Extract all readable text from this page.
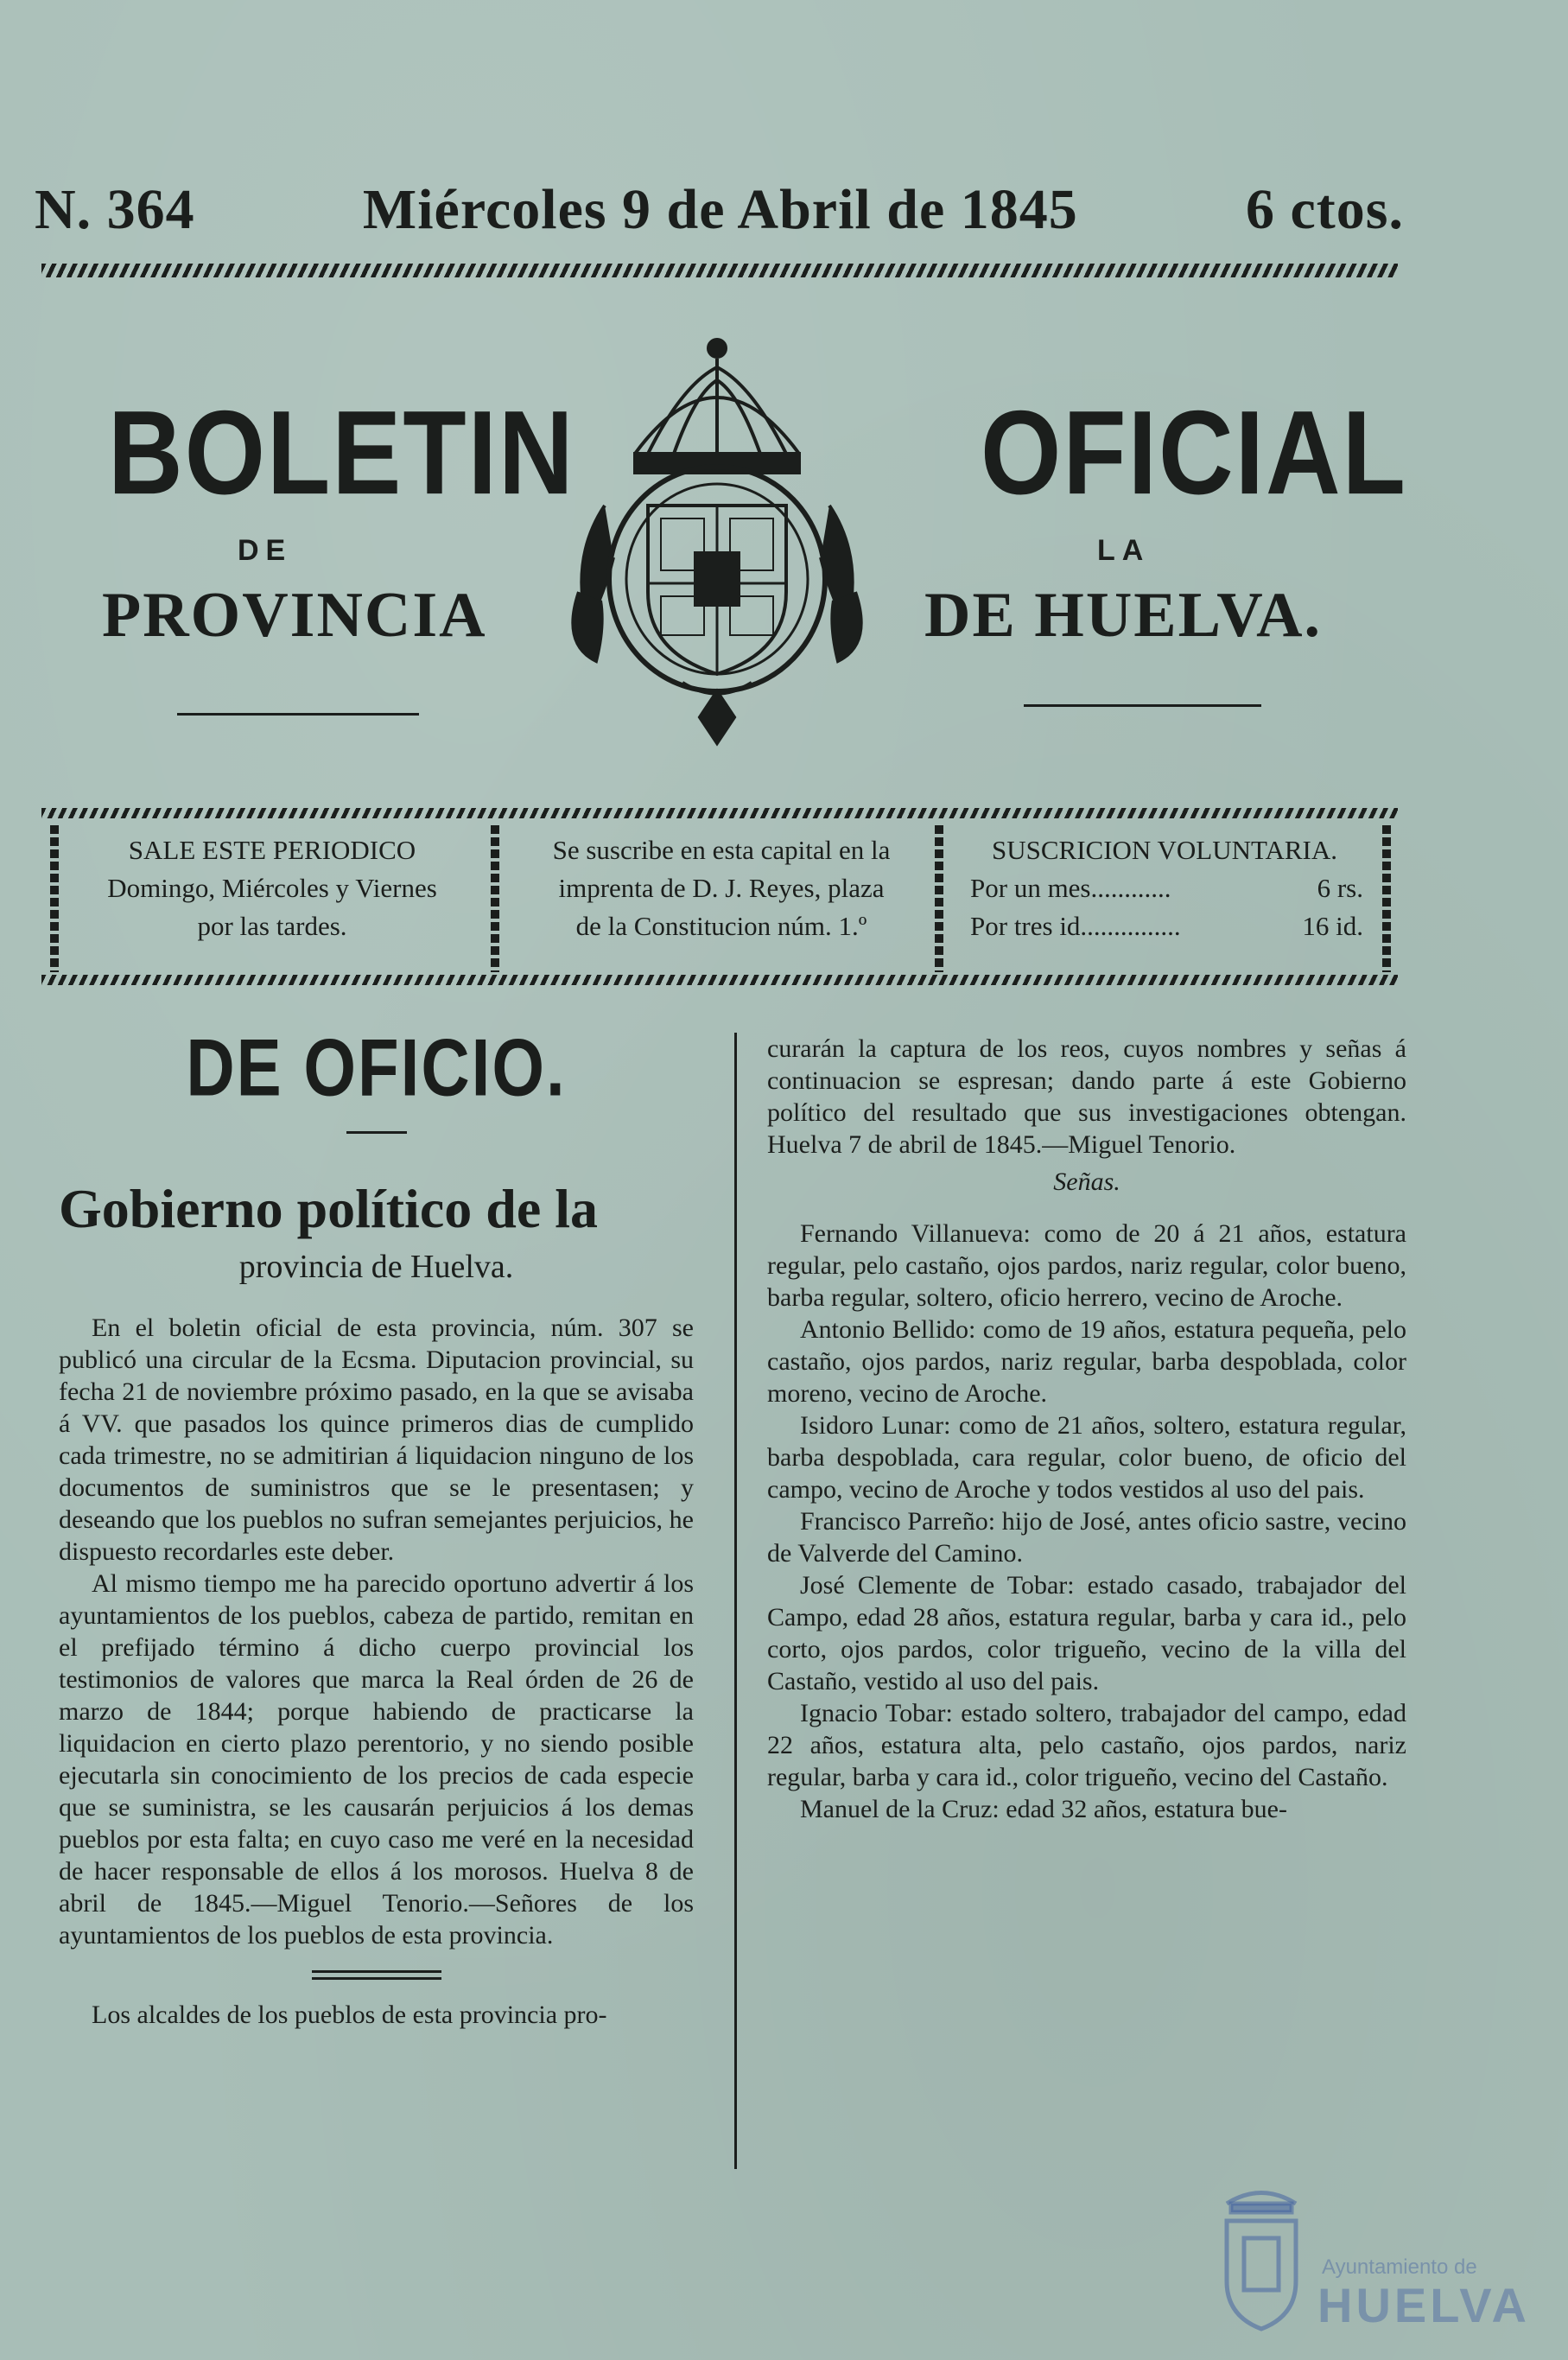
N. 364	Miércoles 9 de Abril de 1845	6 ctos.
BOLETIN	OFICIAL
DE	LA
PROVINCIA	DE HUELVA.
SALE ESTE PERIODICO
Domingo, Miércoles y Viernes
por las tardes.
Se suscribe en esta capital en la
imprenta de D. J. Reyes, plaza
de la Constitucion núm. 1.º
SUSCRICION VOLUNTARIA.
Por un mes............	6 rs.
Por tres id...............	16 id.
DE OFICIO.
Gobierno político de la
provincia de Huelva.

En el boletin oficial de esta provincia, núm. 307 se publicó una circular de la Ecsma. Diputacion provincial, su fecha 21 de noviembre próximo pasado, en la que se avisaba á VV. que pasados los quince primeros dias de cumplido cada trimestre, no se admitirian á liquidacion ninguno de los documentos de suministros que se le presentasen; y deseando que los pueblos no sufran semejantes perjuicios, he dispuesto recordarles este deber.

Al mismo tiempo me ha parecido oportuno advertir á los ayuntamientos de los pueblos, cabeza de partido, remitan en el prefijado término á dicho cuerpo provincial los testimonios de valores que marca la Real órden de 26 de marzo de 1844; porque habiendo de practicarse la liquidacion en cierto plazo perentorio, y no siendo posible ejecutarla sin conocimiento de los precios de cada especie que se suministra, se les causarán perjuicios á los demas pueblos por esta falta; en cuyo caso me veré en la necesidad de hacer responsable de ellos á los morosos. Huelva 8 de abril de 1845.—Miguel Tenorio.—Señores de los ayuntamientos de los pueblos de esta provincia.

Los alcaldes de los pueblos de esta provincia pro-

curarán la captura de los reos, cuyos nombres y señas á continuacion se espresan; dando parte á este Gobierno político del resultado que sus investigaciones obtengan. Huelva 7 de abril de 1845.—Miguel Tenorio.

Señas.

Fernando Villanueva: como de 20 á 21 años, estatura regular, pelo castaño, ojos pardos, nariz regular, color bueno, barba regular, soltero, oficio herrero, vecino de Aroche.

Antonio Bellido: como de 19 años, estatura pequeña, pelo castaño, ojos pardos, nariz regular, barba despoblada, color moreno, vecino de Aroche.

Isidoro Lunar: como de 21 años, soltero, estatura regular, barba despoblada, cara regular, color bueno, de oficio del campo, vecino de Aroche y todos vestidos al uso del pais.

Francisco Parreño: hijo de José, antes oficio sastre, vecino de Valverde del Camino.

José Clemente de Tobar: estado casado, trabajador del Campo, edad 28 años, estatura regular, barba y cara id., pelo corto, ojos pardos, color trigueño, vecino de la villa del Castaño, vestido al uso del pais.

Ignacio Tobar: estado soltero, trabajador del campo, edad 22 años, estatura alta, pelo castaño, ojos pardos, nariz regular, barba y cara id., color trigueño, vecino del Castaño.

Manuel de la Cruz: edad 32 años, estatura bue-

Ayuntamiento de
HUELVA
